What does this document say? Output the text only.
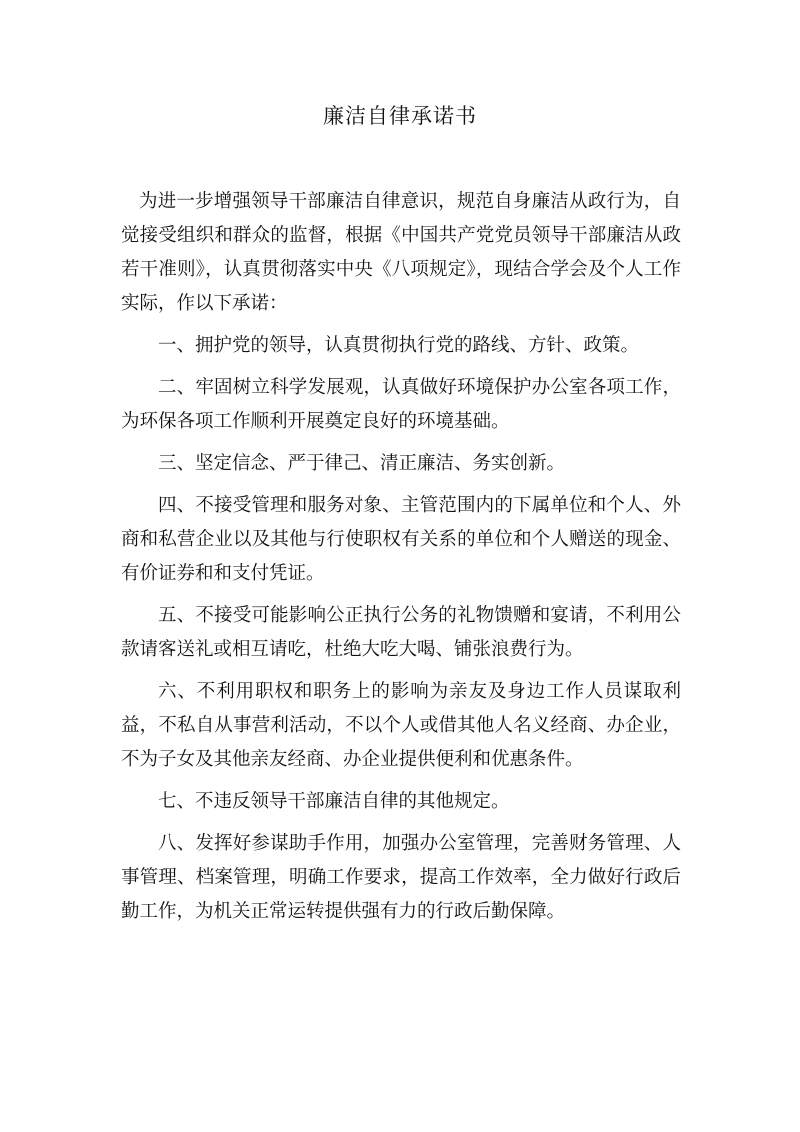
廉洁自律承诺书

为进一步增强领导干部廉洁自律意识，规范自身廉洁从政行为，自觉接受组织和群众的监督，根据《中国共产党党员领导干部廉洁从政若干准则》，认真贯彻落实中央《八项规定》，现结合学会及个人工作实际，作以下承诺：

一、拥护党的领导，认真贯彻执行党的路线、方针、政策。

二、牢固树立科学发展观，认真做好环境保护办公室各项工作，为环保各项工作顺利开展奠定良好的环境基础。

三、坚定信念、严于律己、清正廉洁、务实创新。

四、不接受管理和服务对象、主管范围内的下属单位和个人、外商和私营企业以及其他与行使职权有关系的单位和个人赠送的现金、有价证券和和支付凭证。

五、不接受可能影响公正执行公务的礼物馈赠和宴请，不利用公款请客送礼或相互请吃，杜绝大吃大喝、铺张浪费行为。

六、不利用职权和职务上的影响为亲友及身边工作人员谋取利益，不私自从事营利活动，不以个人或借其他人名义经商、办企业，不为子女及其他亲友经商、办企业提供便利和优惠条件。

七、不违反领导干部廉洁自律的其他规定。

八、发挥好参谋助手作用，加强办公室管理，完善财务管理、人事管理、档案管理，明确工作要求，提高工作效率，全力做好行政后勤工作，为机关正常运转提供强有力的行政后勤保障。
